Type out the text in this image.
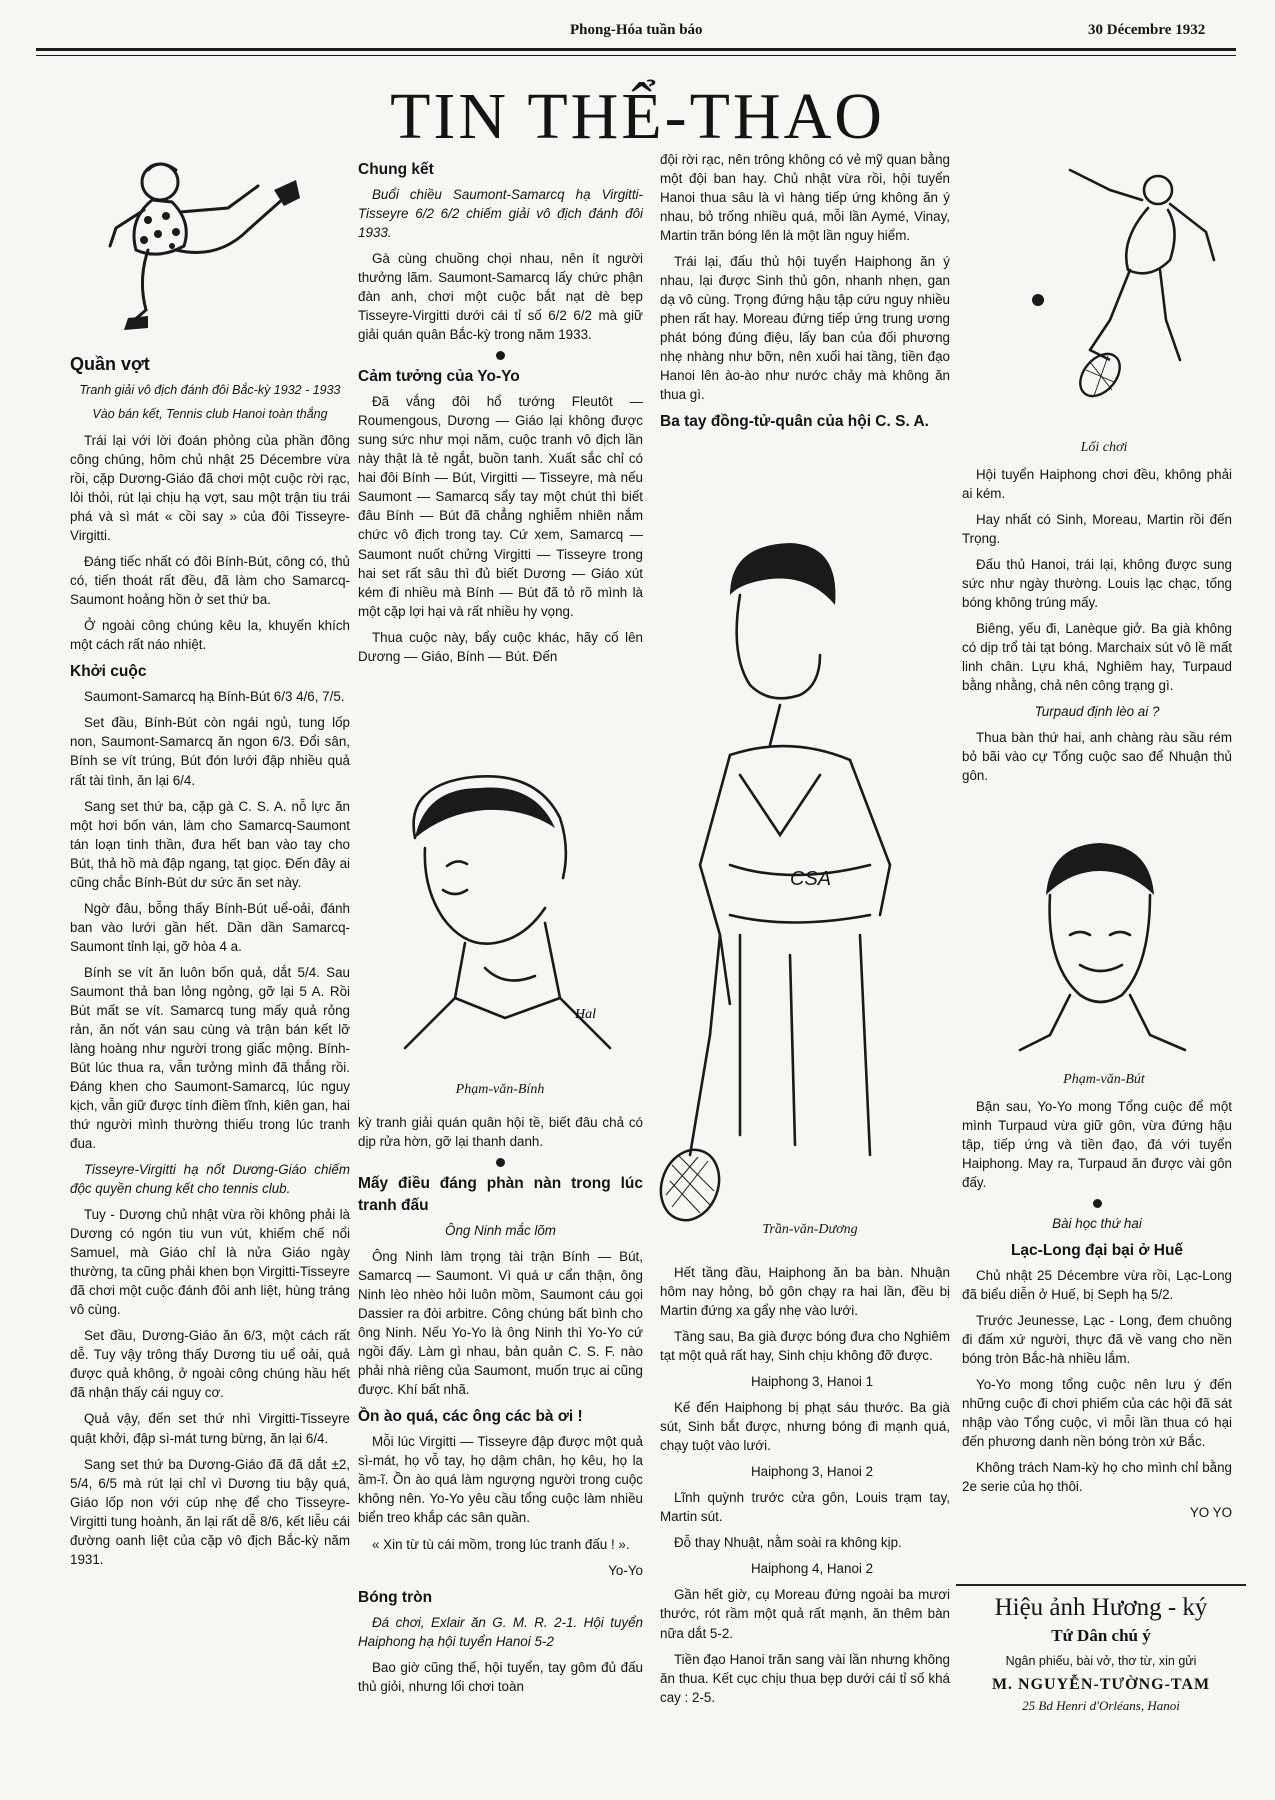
Phong-Hóa tuần báo	30 Décembre 1932
TIN THỂ-THAO
Quần vợt

Tranh giải vô địch đánh đôi Bắc-kỳ 1932 - 1933

Vào bán kết, Tennis club Hanoi toàn thắng

Trái lại với lời đoán phỏng của phần đông công chúng, hôm chủ nhật 25 Décembre vừa rồi, cặp Dương-Giáo đã chơi một cuộc rời rạc, lỏi thỏi, rút lại chịu hạ vợt, sau một trận tiu trái phá và sì mát « cồi say » của đôi Tisseyre-Virgitti.

Đáng tiếc nhất có đôi Bính-Bút, công có, thủ có, tiến thoát rất đều, đã làm cho Samarcq-Saumont hoảng hồn ở set thứ ba.

Ở ngoài công chúng kêu la, khuyến khích một cách rất náo nhiệt.

Khởi cuộc

Saumont-Samarcq hạ Bính-Bút 6/3 4/6, 7/5.

Set đầu, Bính-Bút còn ngái ngủ, tung lốp non, Saumont-Samarcq ăn ngon 6/3. Đổi sân, Bính se vít trúng, Bút đón lưới đập nhiều quả rất tài tình, ăn lại 6/4.

Sang set thứ ba, cặp gà C. S. A. nỗ lực ăn một hơi bốn ván, làm cho Samarcq-Saumont tán loạn tinh thần, đưa hết ban vào tay cho Bút, thả hồ mà đập ngang, tạt giọc. Đến đây ai cũng chắc Bính-Bút dư sức ăn set này.

Ngờ đâu, bỗng thấy Bính-Bút uể-oải, đánh ban vào lưới gần hết. Dần dần Samarcq-Saumont tỉnh lại, gỡ hòa 4 a.

Bính se vít ăn luôn bốn quả, dắt 5/4. Sau Saumont thả ban lỏng ngỏng, gỡ lại 5 A. Rồi Bút mất se vít. Samarcq tung mấy quả rỏng rản, ăn nốt ván sau cùng và trận bán kết lỡ làng hoàng như người trong giấc mộng. Bính-Bút lúc thua ra, vẫn tưởng mình đã thắng rồi. Đáng khen cho Saumont-Samarcq, lúc nguy kịch, vẫn giữ được tính điềm tĩnh, kiên gan, hai thứ người mình thường thiếu trong lúc tranh đua.

Tisseyre-Virgitti hạ nốt Dương-Giáo chiếm độc quyền chung kết cho tennis club.

Tuy - Dương chủ nhật vừa rồi không phải là Dương có ngón tiu vun vút, khiếm chế nổi Samuel, mà Giáo chỉ là nửa Giáo ngày thường, ta cũng phải khen bọn Virgitti-Tisseyre đã chơi một cuộc đánh đôi anh liệt, hùng tráng vô cùng.

Set đầu, Dương-Giáo ăn 6/3, một cách rất dễ. Tuy vậy trông thấy Dương tiu uể oải, quả được quả không, ở ngoài công chúng hầu hết đã nhận thấy cái nguy cơ.

Quả vậy, đến set thứ nhì Virgitti-Tisseyre quật khởi, đập sì-mát tưng bừng, ăn lại 6/4.

Sang set thứ ba Dương-Giáo đã đã dắt ±2, 5/4, 6/5 mà rút lại chỉ vì Dương tiu bậy quá, Giáo lốp non với cúp nhẹ để cho Tisseyre-Virgitti tung hoành, ăn lại rất dễ 8/6, kết liễu cái đường oanh liệt của cặp vô địch Bắc-kỳ năm 1931.

Chung kết

Buổi chiều Saumont-Samarcq hạ Virgitti-Tisseyre 6/2 6/2 chiếm giải vô địch đánh đôi 1933.

Gà cùng chuồng chọi nhau, nên ít người thưởng lãm. Saumont-Samarcq lấy chức phận đàn anh, chơi một cuộc bắt nạt dè bẹp Tisseyre-Virgitti dưới cái tỉ số 6/2 6/2 mà giữ giải quán quân Bắc-kỳ trong năm 1933.

Cảm tưởng của Yo-Yo

Đã vắng đôi hổ tướng Fleutôt — Roumengous, Dương — Giáo lại không được sung sức như mọi năm, cuộc tranh vô địch lần này thật là tẻ ngắt, buồn tanh. Xuất sắc chỉ có hai đôi Bính — Bút, Virgitti — Tisseyre, mà nếu Saumont — Samarcq sẩy tay một chút thì biết đâu Bính — Bút đã chẳng nghiễm nhiên nắm chức vô địch trong tay. Cứ xem, Samarcq — Saumont nuốt chửng Virgitti — Tisseyre trong hai set rất sâu thì đủ biết Dương — Giáo xút kém đi nhiều mà Bính — Bút đã tỏ rõ mình là một cặp lợi hại và rất nhiều hy vọng.

Thua cuộc này, bẩy cuộc khác, hãy cố lên Dương — Giáo, Bính — Bút. Đến

Hal
Phạm-văn-Bính

kỳ tranh giải quán quân hội tề, biết đâu chả có dịp rửa hờn, gỡ lại thanh danh.

Mấy điều đáng phàn nàn trong lúc tranh đấu

Ông Ninh mắc lõm

Ông Ninh làm trọng tài trận Bính — Bút, Samarcq — Saumont. Vì quá ư cẩn thận, ông Ninh lèo nhèo hỏi luôn mồm, Saumont cáu gọi Dassier ra đòi arbitre. Công chúng bất bình cho ông Ninh. Nếu Yo-Yo là ông Ninh thì Yo-Yo cứ ngồi đấy. Làm gì nhau, bản quản C. S. F. nào phải nhà riêng của Saumont, muốn trục ai cũng được. Khí bất nhã.

Ồn ào quá, các ông các bà ơi !

Mỗi lúc Virgitti — Tisseyre đập được một quả sì-mát, họ vỗ tay, họ dậm chân, họ kêu, họ la ầm-ĩ. Ồn ào quá làm ngượng người trong cuộc không nên. Yo-Yo yêu cầu tổng cuộc làm nhiều biển treo khắp các sân quần.

« Xin từ tù cái mồm, trong lúc tranh đấu ! ».

Yo-Yo

Bóng tròn

Đá chơi, Exlair ăn G. M. R. 2-1. Hội tuyển Haiphong hạ hội tuyển Hanoi 5-2

Bao giờ cũng thế, hội tuyển, tay gôm đủ đấu thủ giỏi, nhưng lối chơi toàn

đội rời rạc, nên trông không có vẻ mỹ quan bằng một đội ban hay. Chủ nhật vừa rồi, hội tuyển Hanoi thua sâu là vì hàng tiếp ứng không ăn ý nhau, bỏ trống nhiều quá, mỗi lần Aymé, Vinay, Martin trăn bóng lên là một lần nguy hiểm.

Trái lại, đấu thủ hội tuyển Haiphong ăn ý nhau, lại được Sinh thủ gôn, nhanh nhẹn, gan dạ vô cùng. Trọng đứng hậu tập cứu nguy nhiều phen rất hay. Moreau đứng tiếp ứng trung ương phát bóng đúng điệu, lấy ban của đối phương nhẹ nhàng như bỡn, nên xuối hai tầng, tiền đạo Hanoi lên ào-ào như nước chảy mà không ăn thua gì.

Ba tay đồng-tử-quân của hội C. S. A.
CSA
Trần-văn-Dương

Hết tầng đầu, Haiphong ăn ba bàn. Nhuận hôm nay hỏng, bỏ gôn chạy ra hai lần, đều bị Martin đứng xa gẩy nhẹ vào lưới.

Tầng sau, Ba già được bóng đưa cho Nghiêm tạt một quả rất hay, Sinh chịu không đỡ được.

Haiphong 3, Hanoi 1

Kế đến Haiphong bị phạt sáu thước. Ba già sút, Sinh bắt được, nhưng bóng đi mạnh quá, chạy tuột vào lưới.

Haiphong 3, Hanoi 2

Lĩnh quỳnh trước cửa gôn, Louis trạm tay, Martin sút.

Đỗ thay Nhuật, nằm soài ra không kịp.

Haiphong 4, Hanoi 2

Gần hết giờ, cụ Moreau đứng ngoài ba mươi thước, rót rầm một quả rất mạnh, ăn thêm bàn nữa dắt 5-2.

Tiền đạo Hanoi trăn sang vài lần nhưng không ăn thua. Kết cục chịu thua bẹp dưới cái tỉ số khá cay : 2-5.

Lối chơi

Hội tuyển Haiphong chơi đều, không phải ai kém.

Hay nhất có Sinh, Moreau, Martin rồi đến Trọng.

Đấu thủ Hanoi, trái lại, không được sung sức như ngày thường. Louis lạc chạc, tống bóng không trúng mấy.

Biêng, yếu đi, Lanèque giở. Ba già không có dịp trổ tài tạt bóng. Marchaix sút vô lề mất linh chân. Lựu khá, Nghiêm hay, Turpaud bằng nhằng, chả nên công trạng gì.

Turpaud định lèo ai ?

Thua bàn thứ hai, anh chàng ràu sầu rém bỏ bãi vào cự Tổng cuộc sao để Nhuận thủ gôn.

Phạm-văn-Bút

Bận sau, Yo-Yo mong Tổng cuộc để một mình Turpaud vừa giữ gôn, vừa đứng hậu tập, tiếp ứng và tiền đạo, đá với tuyển Haiphong. May ra, Turpaud ăn được vài gôn đấy.

Bài học thứ hai

Lạc-Long đại bại ở Huế

Chủ nhật 25 Décembre vừa rồi, Lạc-Long đã biểu diễn ở Huế, bị Seph hạ 5/2.

Trước Jeunesse, Lạc - Long, đem chuông đi đấm xứ người, thực đã về vang cho nền bóng tròn Bắc-hà nhiều lắm.

Yo-Yo mong tổng cuộc nên lưu ý đến những cuộc đi chơi phiếm của các hội đã sát nhập vào Tổng cuộc, vì mỗi lần thua có hại đến phương danh nền bóng tròn xứ Bắc.

Không trách Nam-kỳ họ cho mình chỉ bằng 2e serie của họ thôi.

YO YO

Hiệu ảnh Hương - ký
Tứ Dân chú ý
Ngân phiếu, bài vở, thơ từ, xin gửi
M. NGUYỄN-TƯỜNG-TAM
25 Bd Henri d'Orléans, Hanoi
